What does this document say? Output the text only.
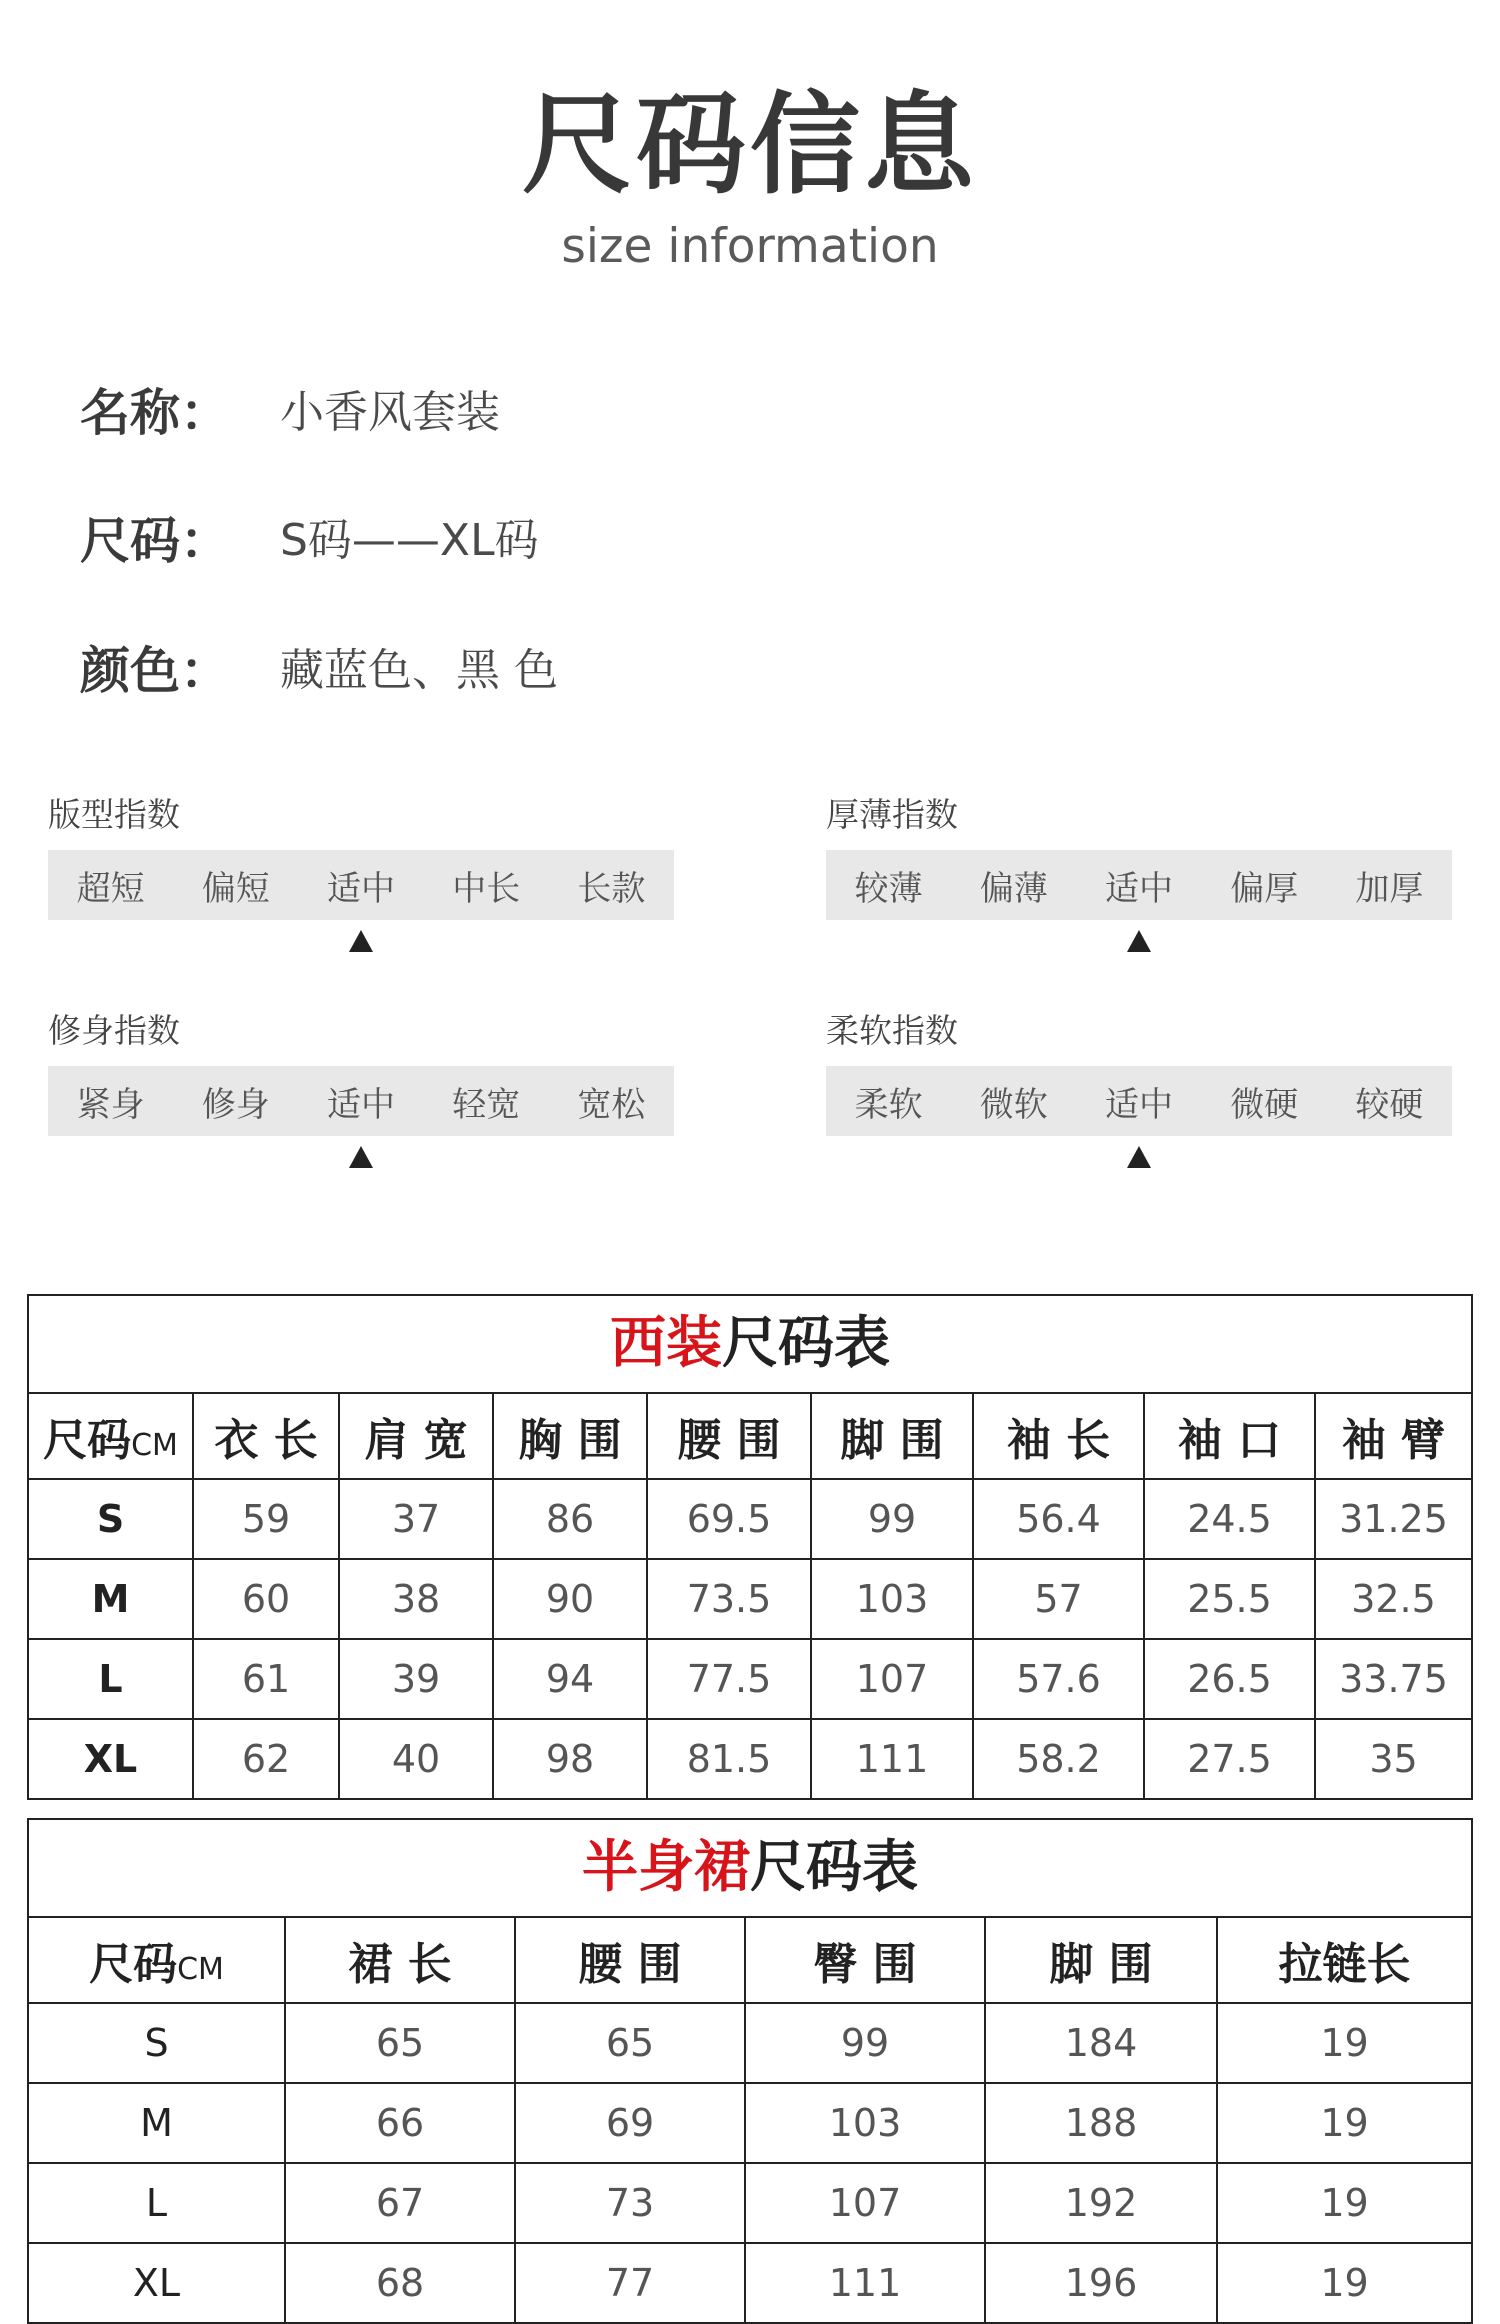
尺码信息
size information
名称： 小香风套装
尺码： S码——XL码
颜色： 藏蓝色、黑 色
版型指数
超短	偏短	适中	中长	长款
厚薄指数
较薄	偏薄	适中	偏厚	加厚
修身指数
紧身	修身	适中	轻宽	宽松
柔软指数
柔软	微软	适中	微硬	较硬
西装尺码表
尺码CM	衣 长	肩 宽	胸 围	腰 围	脚 围	袖 长	袖 口	袖 臂
S	59	37	86	69.5	99	56.4	24.5	31.25
M	60	38	90	73.5	103	57	25.5	32.5
L	61	39	94	77.5	107	57.6	26.5	33.75
XL	62	40	98	81.5	111	58.2	27.5	35
半身裙尺码表
尺码CM	裙 长	腰 围	臀 围	脚 围	拉链长
S	65	65	99	184	19
M	66	69	103	188	19
L	67	73	107	192	19
XL	68	77	111	196	19
